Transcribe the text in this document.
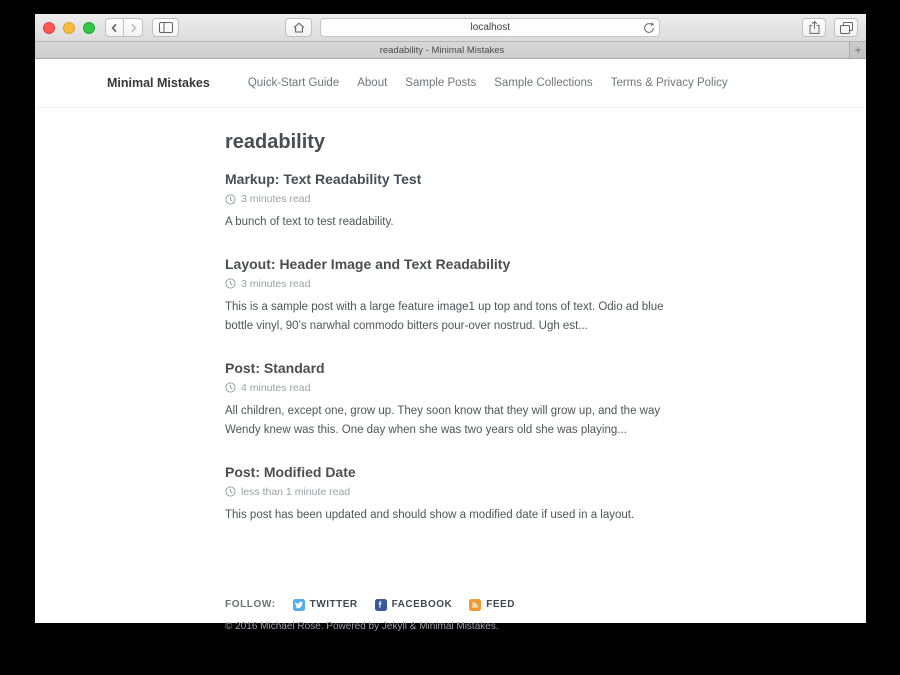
localhost
readability - Minimal Mistakes	+
Minimal Mistakes	Quick-Start Guide About Sample Posts Sample Collections Terms & Privacy Policy
readability
Markup: Text Readability Test
3 minutes read

A bunch of text to test readability.

Layout: Header Image and Text Readability
3 minutes read

This is a sample post with a large feature image1 up top and tons of text. Odio ad blue bottle vinyl, 90’s narwhal commodo bitters pour-over nostrud. Ugh est...

Post: Standard
4 minutes read

All children, except one, grow up. They soon know that they will grow up, and the way Wendy knew was this. One day when she was two years old she was playing...

Post: Modified Date
less than 1 minute read

This post has been updated and should show a modified date if used in a layout.

FOLLOW:	TWITTER	FACEBOOK	FEED
© 2016 Michael Rose. Powered by Jekyll & Minimal Mistakes.
